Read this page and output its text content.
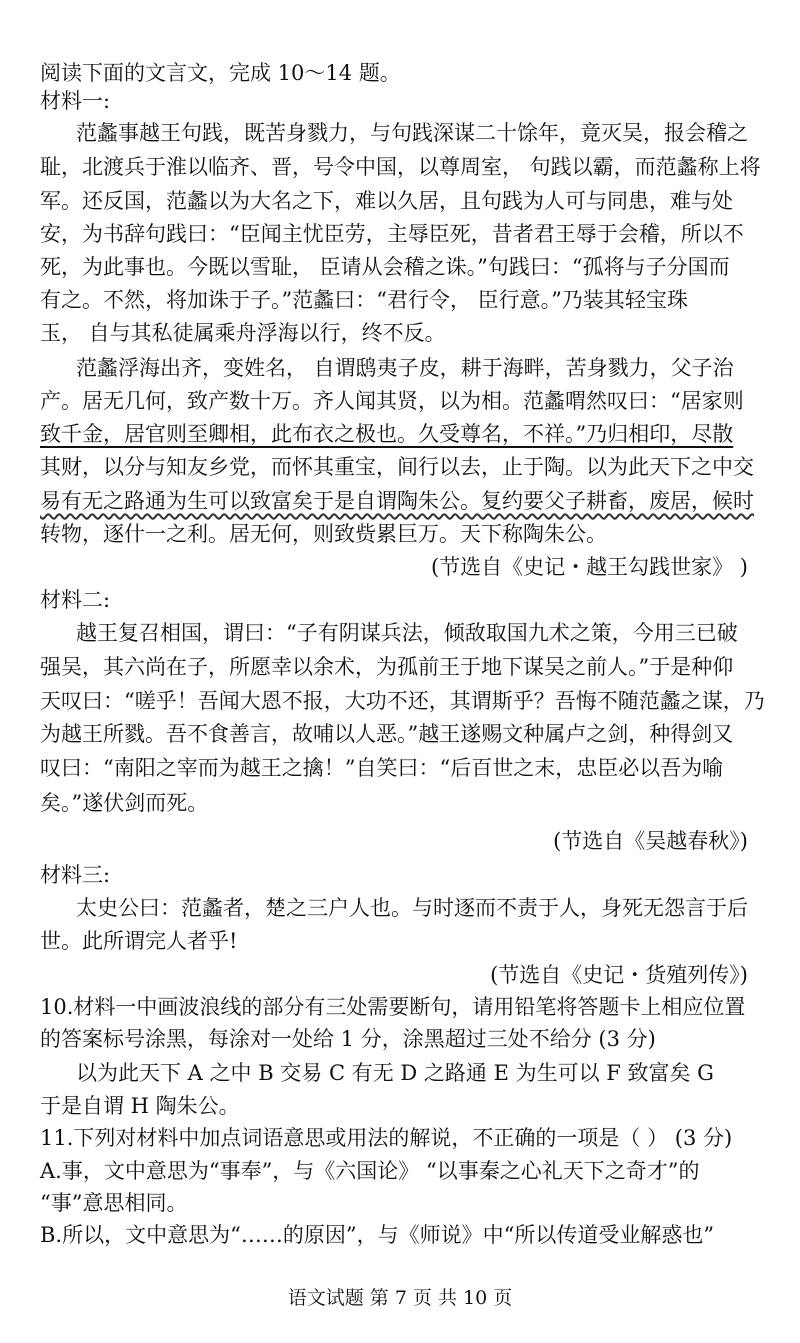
阅读下面的文言文，完成 10～14 题。
材料一:
范蠡事越王句践，既苦身戮力，与句践深谋二十馀年，竟灭吴，报会稽之
耻，北渡兵于淮以临齐、晋，号令中国，以尊周室， 句践以霸，而范蠡称上将
军。还反国，范蠡以为大名之下，难以久居，且句践为人可与同患，难与处
安，为书辞句践曰：“臣闻主忧臣劳，主辱臣死，昔者君王辱于会稽，所以不
死，为此事也。今既以雪耻， 臣请从会稽之诛。”句践曰：“孤将与子分国而
有之。不然，将加诛于子。”范蠡曰：“君行令， 臣行意。”乃装其轻宝珠
玉， 自与其私徒属乘舟浮海以行，终不反。
范蠡浮海出齐，变姓名， 自谓鸱夷子皮，耕于海畔，苦身戮力，父子治
产。居无几何，致产数十万。齐人闻其贤，以为相。范蠡喟然叹曰：“居家则
致千金，居官则至卿相，此布衣之极也。久受尊名，不祥。”乃归相印，尽散
其财，以分与知友乡党，而怀其重宝，间行以去，止于陶。以为此天下之中交
易有无之路通为生可以致富矣于是自谓陶朱公。复约要父子耕畜，废居，候时
转物，逐什一之利。居无何，则致赀累巨万。天下称陶朱公。
(节选自《史记・越王勾践世家》 )
材料二:
越王复召相国，谓曰：“子有阴谋兵法，倾敌取国九术之策，今用三已破
强吴，其六尚在子，所愿幸以余术，为孤前王于地下谋吴之前人。”于是种仰
天叹曰：“嗟乎！吾闻大恩不报，大功不还，其谓斯乎？吾悔不随范蠡之谋，乃
为越王所戮。吾不食善言，故哺以人恶。”越王遂赐文种属卢之剑，种得剑又
叹曰：“南阳之宰而为越王之擒！”自笑曰：“后百世之末，忠臣必以吾为喻
矣。”遂伏剑而死。
(节选自《吴越春秋》)
材料三:
太史公曰：范蠡者，楚之三户人也。与时逐而不责于人，身死无怨言于后
世。此所谓完人者乎!
(节选自《史记・货殖列传》)
10.材料一中画波浪线的部分有三处需要断句，请用铅笔将答题卡上相应位置
的答案标号涂黑，每涂对一处给 1 分，涂黑超过三处不给分 (3 分)
以为此天下 A 之中 B 交易 C 有无 D 之路通 E 为生可以 F 致富矣 G
于是自谓 H 陶朱公。
11.下列对材料中加点词语意思或用法的解说，不正确的一项是（ ） (3 分)
A.事，文中意思为“事奉”，与《六国论》 “以事秦之心礼天下之奇才”的
“事”意思相同。
B.所以，文中意思为“……的原因”，与《师说》中“所以传道受业解惑也”
语文试题 第 7 页 共 10 页
